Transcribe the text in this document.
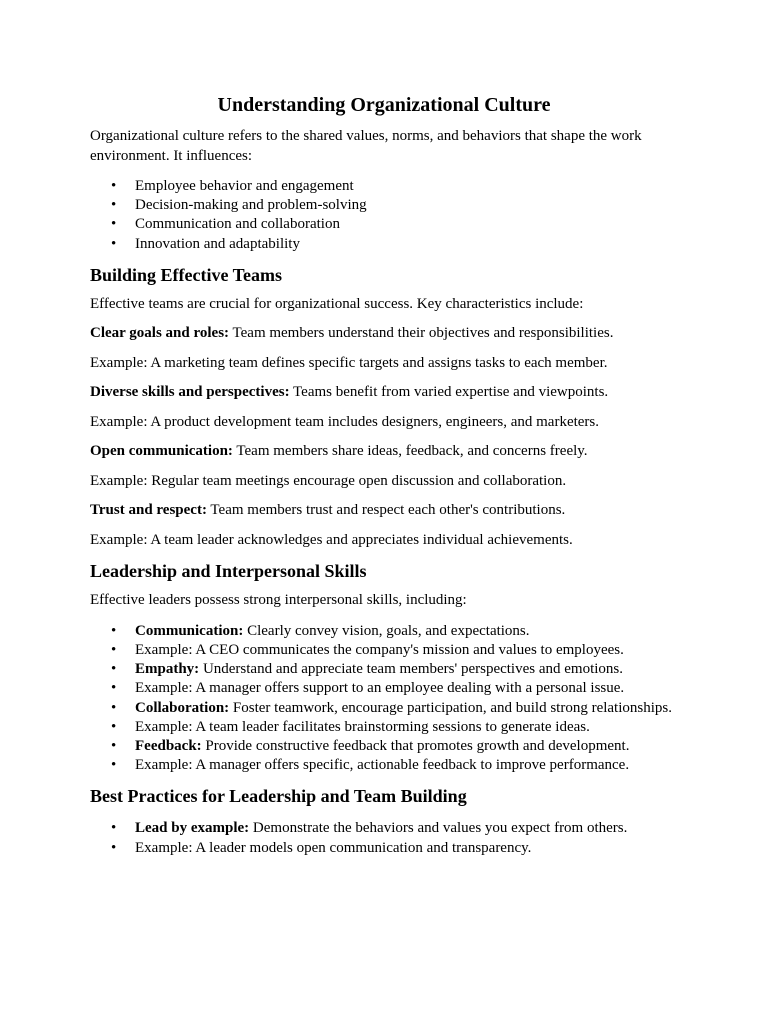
Understanding Organizational Culture

Organizational culture refers to the shared values, norms, and behaviors that shape the work environment. It influences:

• Employee behavior and engagement
• Decision-making and problem-solving
• Communication and collaboration
• Innovation and adaptability
Building Effective Teams

Effective teams are crucial for organizational success. Key characteristics include:

Clear goals and roles: Team members understand their objectives and responsibilities.

Example: A marketing team defines specific targets and assigns tasks to each member.

Diverse skills and perspectives: Teams benefit from varied expertise and viewpoints.

Example: A product development team includes designers, engineers, and marketers.

Open communication: Team members share ideas, feedback, and concerns freely.

Example: Regular team meetings encourage open discussion and collaboration.

Trust and respect: Team members trust and respect each other's contributions.

Example: A team leader acknowledges and appreciates individual achievements.

Leadership and Interpersonal Skills

Effective leaders possess strong interpersonal skills, including:

• Communication: Clearly convey vision, goals, and expectations.
• Example: A CEO communicates the company's mission and values to employees.
• Empathy: Understand and appreciate team members' perspectives and emotions.
• Example: A manager offers support to an employee dealing with a personal issue.
• Collaboration: Foster teamwork, encourage participation, and build strong relationships.
• Example: A team leader facilitates brainstorming sessions to generate ideas.
• Feedback: Provide constructive feedback that promotes growth and development.
• Example: A manager offers specific, actionable feedback to improve performance.
Best Practices for Leadership and Team Building
• Lead by example: Demonstrate the behaviors and values you expect from others.
• Example: A leader models open communication and transparency.
